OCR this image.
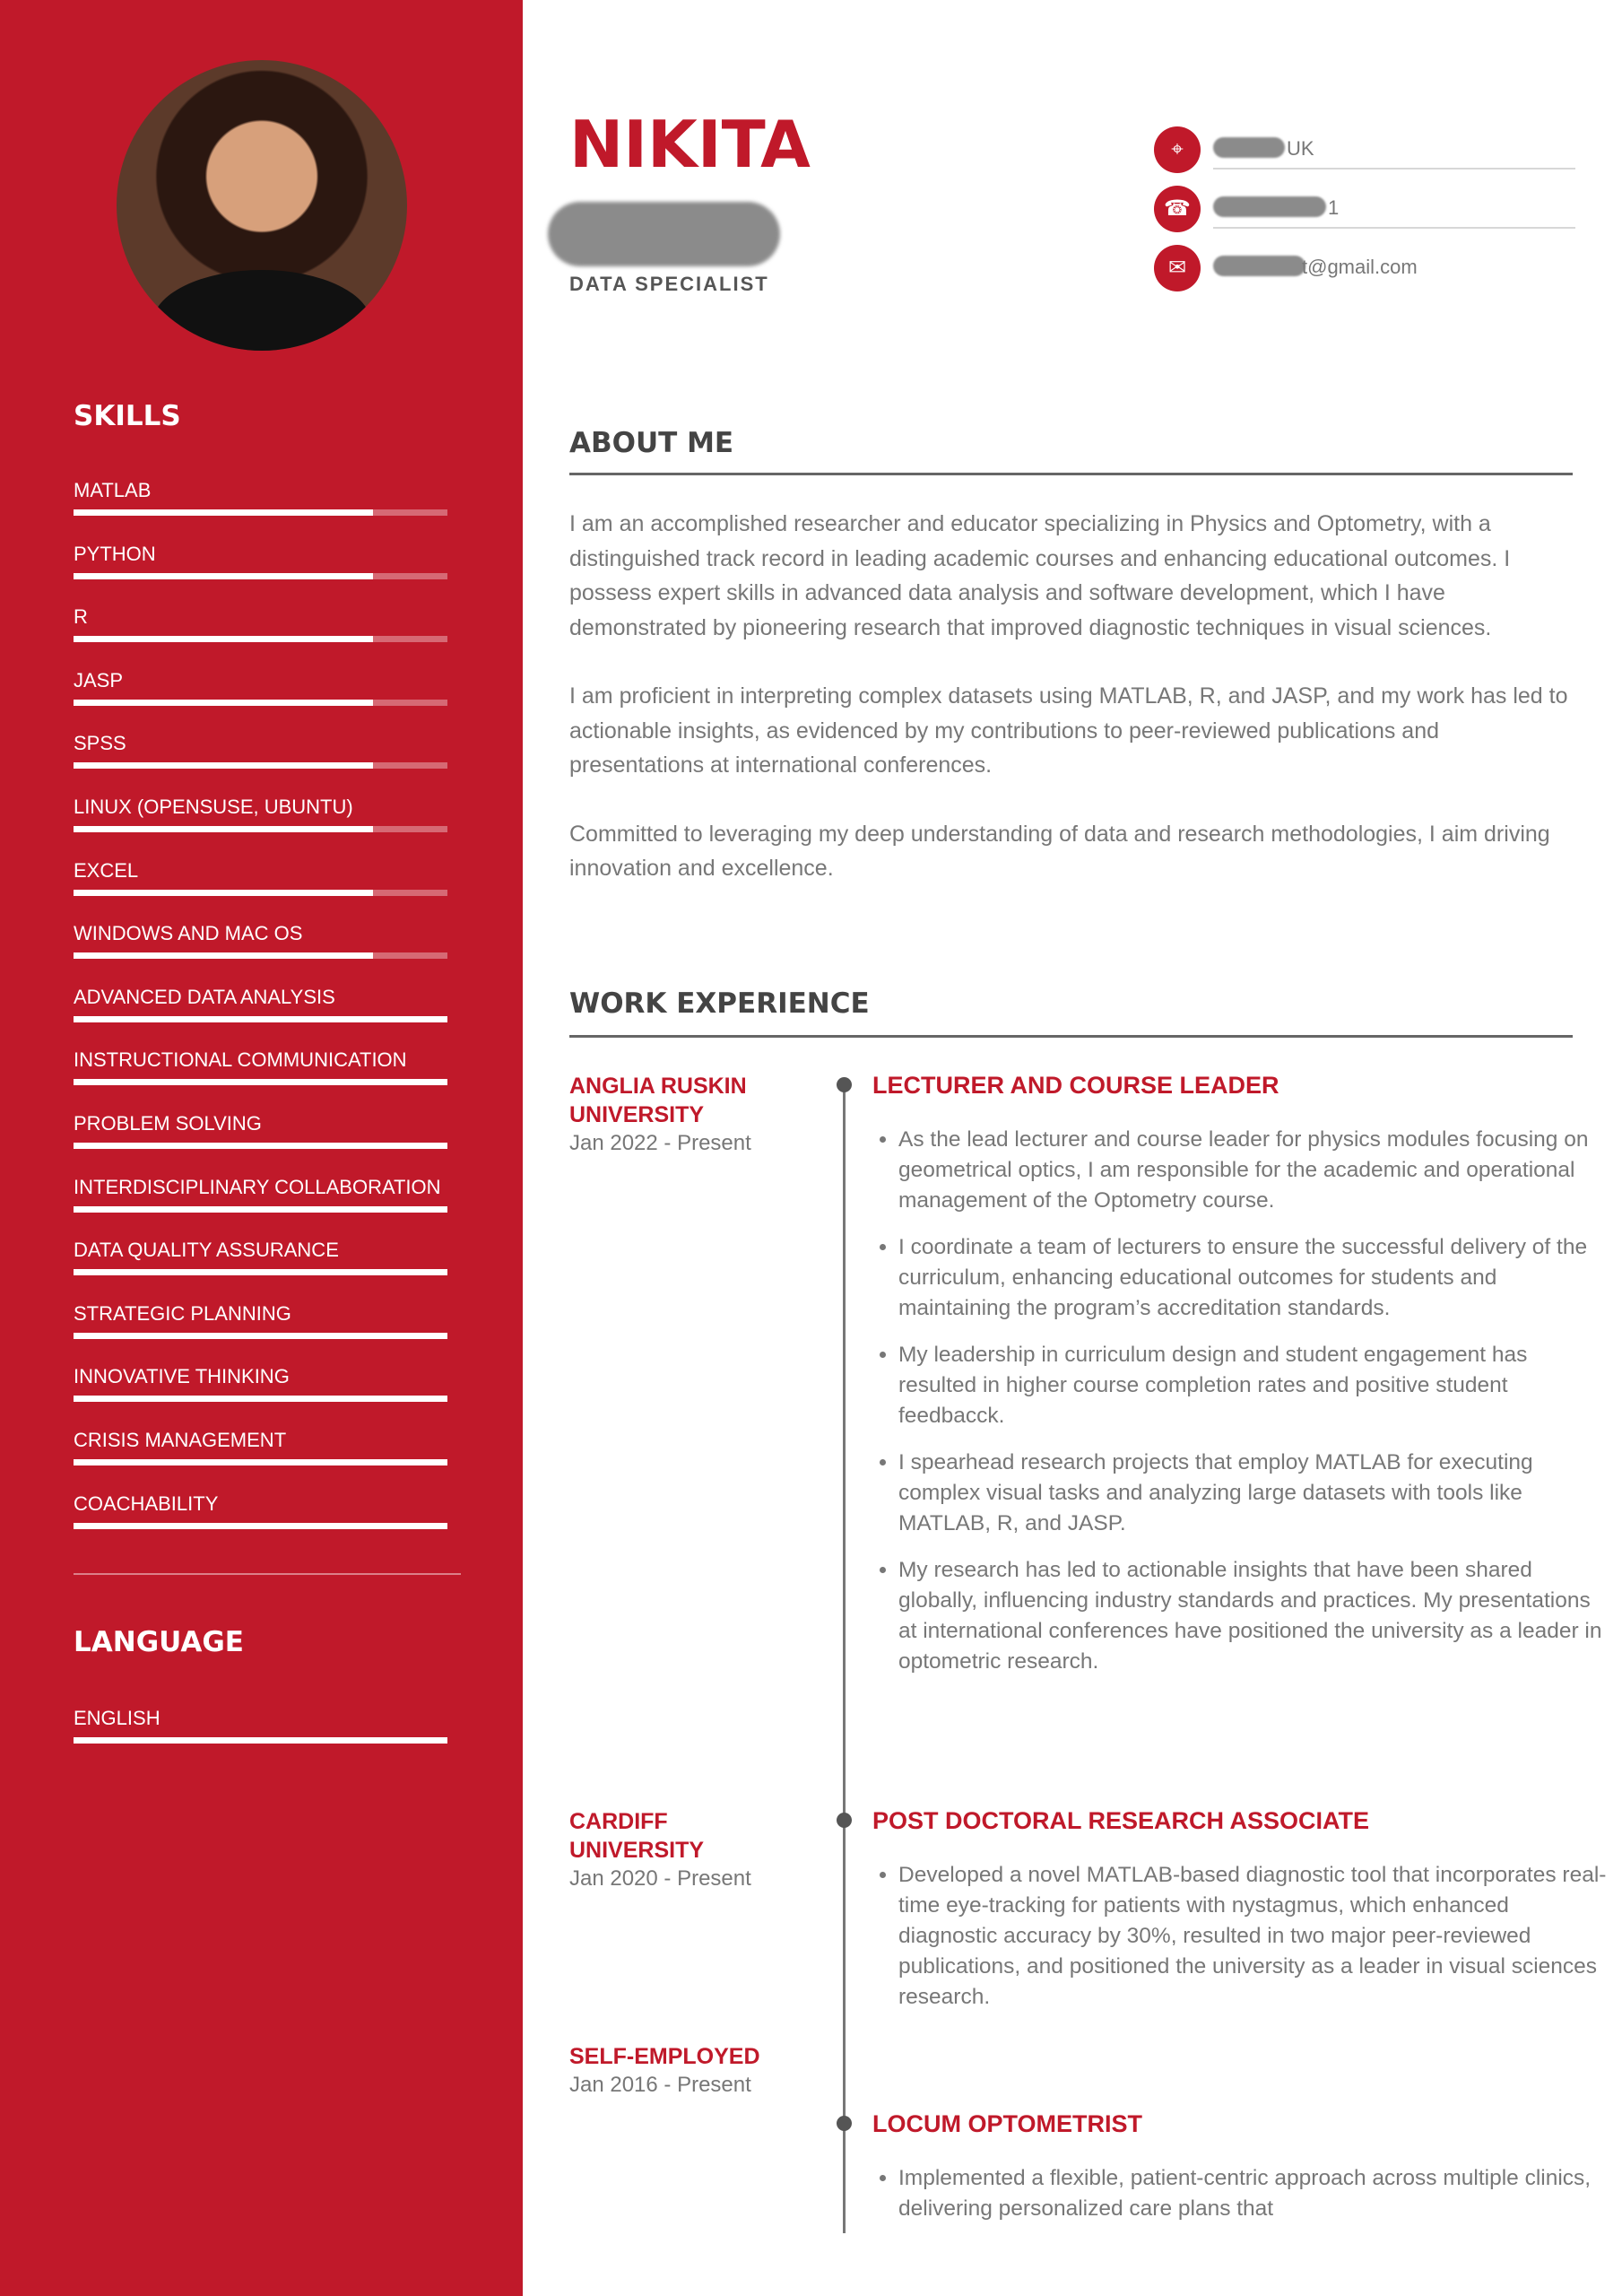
SKILLS
MATLAB
PYTHON
R
JASP
SPSS
LINUX (OPENSUSE, UBUNTU)
EXCEL
WINDOWS AND MAC OS
ADVANCED DATA ANALYSIS
INSTRUCTIONAL COMMUNICATION
PROBLEM SOLVING
INTERDISCIPLINARY COLLABORATION
DATA QUALITY ASSURANCE
STRATEGIC PLANNING
INNOVATIVE THINKING
CRISIS MANAGEMENT
COACHABILITY
LANGUAGE
ENGLISH
NIKITA
DATA SPECIALIST
⌖	UK
☎	1
✉	t@gmail.com
ABOUT ME

I am an accomplished researcher and educator specializing in Physics and Optometry, with a distinguished track record in leading academic courses and enhancing educational outcomes. I possess expert skills in advanced data analysis and software development, which I have demonstrated by pioneering research that improved diagnostic techniques in visual sciences.

I am proficient in interpreting complex datasets using MATLAB, R, and JASP, and my work has led to actionable insights, as evidenced by my contributions to peer-reviewed publications and presentations at international conferences.

Committed to leveraging my deep understanding of data and research methodologies, I aim driving innovation and excellence.

WORK EXPERIENCE
ANGLIA RUSKIN UNIVERSITY
Jan 2022 - Present
LECTURER AND COURSE LEADER
• As the lead lecturer and course leader for physics modules focusing on geometrical optics, I am responsible for the academic and operational management of the Optometry course.
• I coordinate a team of lecturers to ensure the successful delivery of the curriculum, enhancing educational outcomes for students and maintaining the program’s accreditation standards.
• My leadership in curriculum design and student engagement has resulted in higher course completion rates and positive student feedbacck.
• I spearhead research projects that employ MATLAB for executing complex visual tasks and analyzing large datasets with tools like MATLAB, R, and JASP.
• My research has led to actionable insights that have been shared globally, influencing industry standards and practices. My presentations at international conferences have positioned the university as a leader in optometric research.
CARDIFF UNIVERSITY
Jan 2020 - Present
POST DOCTORAL RESEARCH ASSOCIATE
• Developed a novel MATLAB-based diagnostic tool that incorporates real-time eye-tracking for patients with nystagmus, which enhanced diagnostic accuracy by 30%, resulted in two major peer-reviewed publications, and positioned the university as a leader in visual sciences research.
SELF-EMPLOYED
Jan 2016 - Present
LOCUM OPTOMETRIST
• Implemented a flexible, patient-centric approach across multiple clinics, delivering personalized care plans that
